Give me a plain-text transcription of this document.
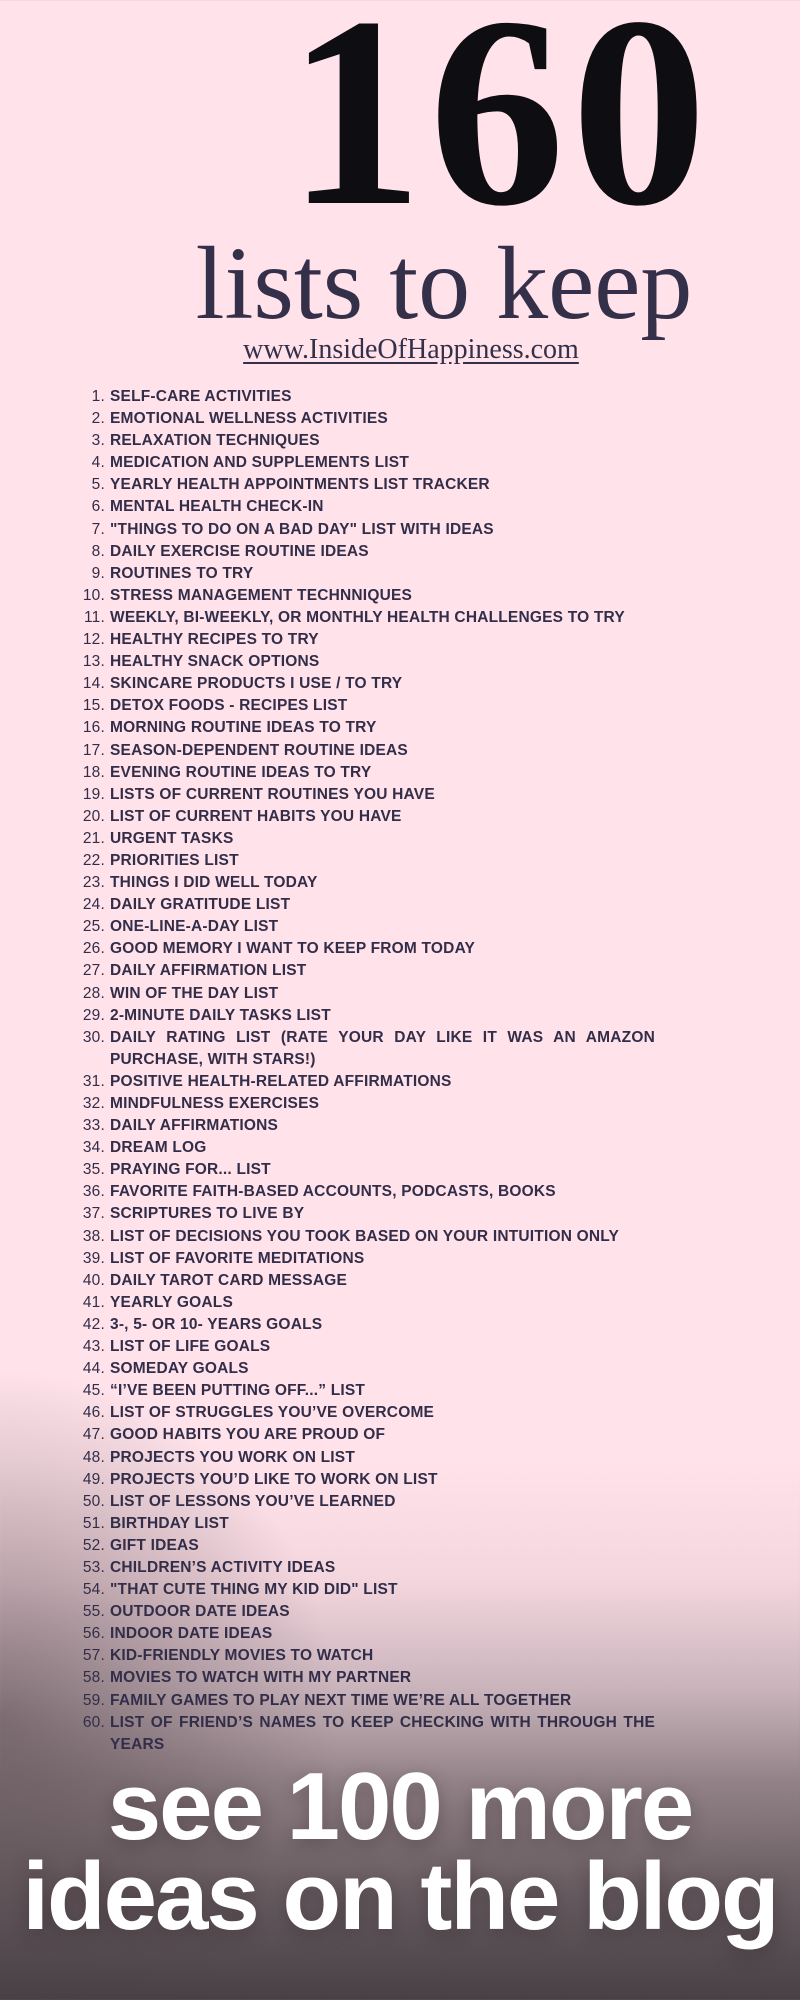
160
lists to keep
www.InsideOfHappiness.com
1. SELF-CARE ACTIVITIES
2. EMOTIONAL WELLNESS ACTIVITIES
3. RELAXATION TECHNIQUES
4. MEDICATION AND SUPPLEMENTS LIST
5. YEARLY HEALTH APPOINTMENTS LIST TRACKER
6. MENTAL HEALTH CHECK-IN
7. "THINGS TO DO ON A BAD DAY" LIST WITH IDEAS
8. DAILY EXERCISE ROUTINE IDEAS
9. ROUTINES TO TRY
10. STRESS MANAGEMENT TECHNNIQUES
11. WEEKLY, BI-WEEKLY, OR MONTHLY HEALTH CHALLENGES TO TRY
12. HEALTHY RECIPES TO TRY
13. HEALTHY SNACK OPTIONS
14. SKINCARE PRODUCTS I USE / TO TRY
15. DETOX FOODS - RECIPES LIST
16. MORNING ROUTINE IDEAS TO TRY
17. SEASON-DEPENDENT ROUTINE IDEAS
18. EVENING ROUTINE IDEAS TO TRY
19. LISTS OF CURRENT ROUTINES YOU HAVE
20. LIST OF CURRENT HABITS YOU HAVE
21. URGENT TASKS
22. PRIORITIES LIST
23. THINGS I DID WELL TODAY
24. DAILY GRATITUDE LIST
25. ONE-LINE-A-DAY LIST
26. GOOD MEMORY I WANT TO KEEP FROM TODAY
27. DAILY AFFIRMATION LIST
28. WIN OF THE DAY LIST
29. 2-MINUTE DAILY TASKS LIST
30. DAILY RATING LIST (RATE YOUR DAY LIKE IT WAS AN AMAZON PURCHASE, WITH STARS!)
31. POSITIVE HEALTH-RELATED AFFIRMATIONS
32. MINDFULNESS EXERCISES
33. DAILY AFFIRMATIONS
34. DREAM LOG
35. PRAYING FOR... LIST
36. FAVORITE FAITH-BASED ACCOUNTS, PODCASTS, BOOKS
37. SCRIPTURES TO LIVE BY
38. LIST OF DECISIONS YOU TOOK BASED ON YOUR INTUITION ONLY
39. LIST OF FAVORITE MEDITATIONS
40. DAILY TAROT CARD MESSAGE
41. YEARLY GOALS
42. 3-, 5- OR 10- YEARS GOALS
43. LIST OF LIFE GOALS
44. SOMEDAY GOALS
45. “I’VE BEEN PUTTING OFF...” LIST
46. LIST OF STRUGGLES YOU’VE OVERCOME
47. GOOD HABITS YOU ARE PROUD OF
48. PROJECTS YOU WORK ON LIST
49. PROJECTS YOU’D LIKE TO WORK ON LIST
50. LIST OF LESSONS YOU’VE LEARNED
51. BIRTHDAY LIST
52. GIFT IDEAS
53. CHILDREN’S ACTIVITY IDEAS
54. "THAT CUTE THING MY KID DID" LIST
55. OUTDOOR DATE IDEAS
56. INDOOR DATE IDEAS
57. KID-FRIENDLY MOVIES TO WATCH
58. MOVIES TO WATCH WITH MY PARTNER
59. FAMILY GAMES TO PLAY NEXT TIME WE’RE ALL TOGETHER
60. LIST OF FRIEND’S NAMES TO KEEP CHECKING WITH THROUGH THE YEARS
see 100 more
ideas on the blog
